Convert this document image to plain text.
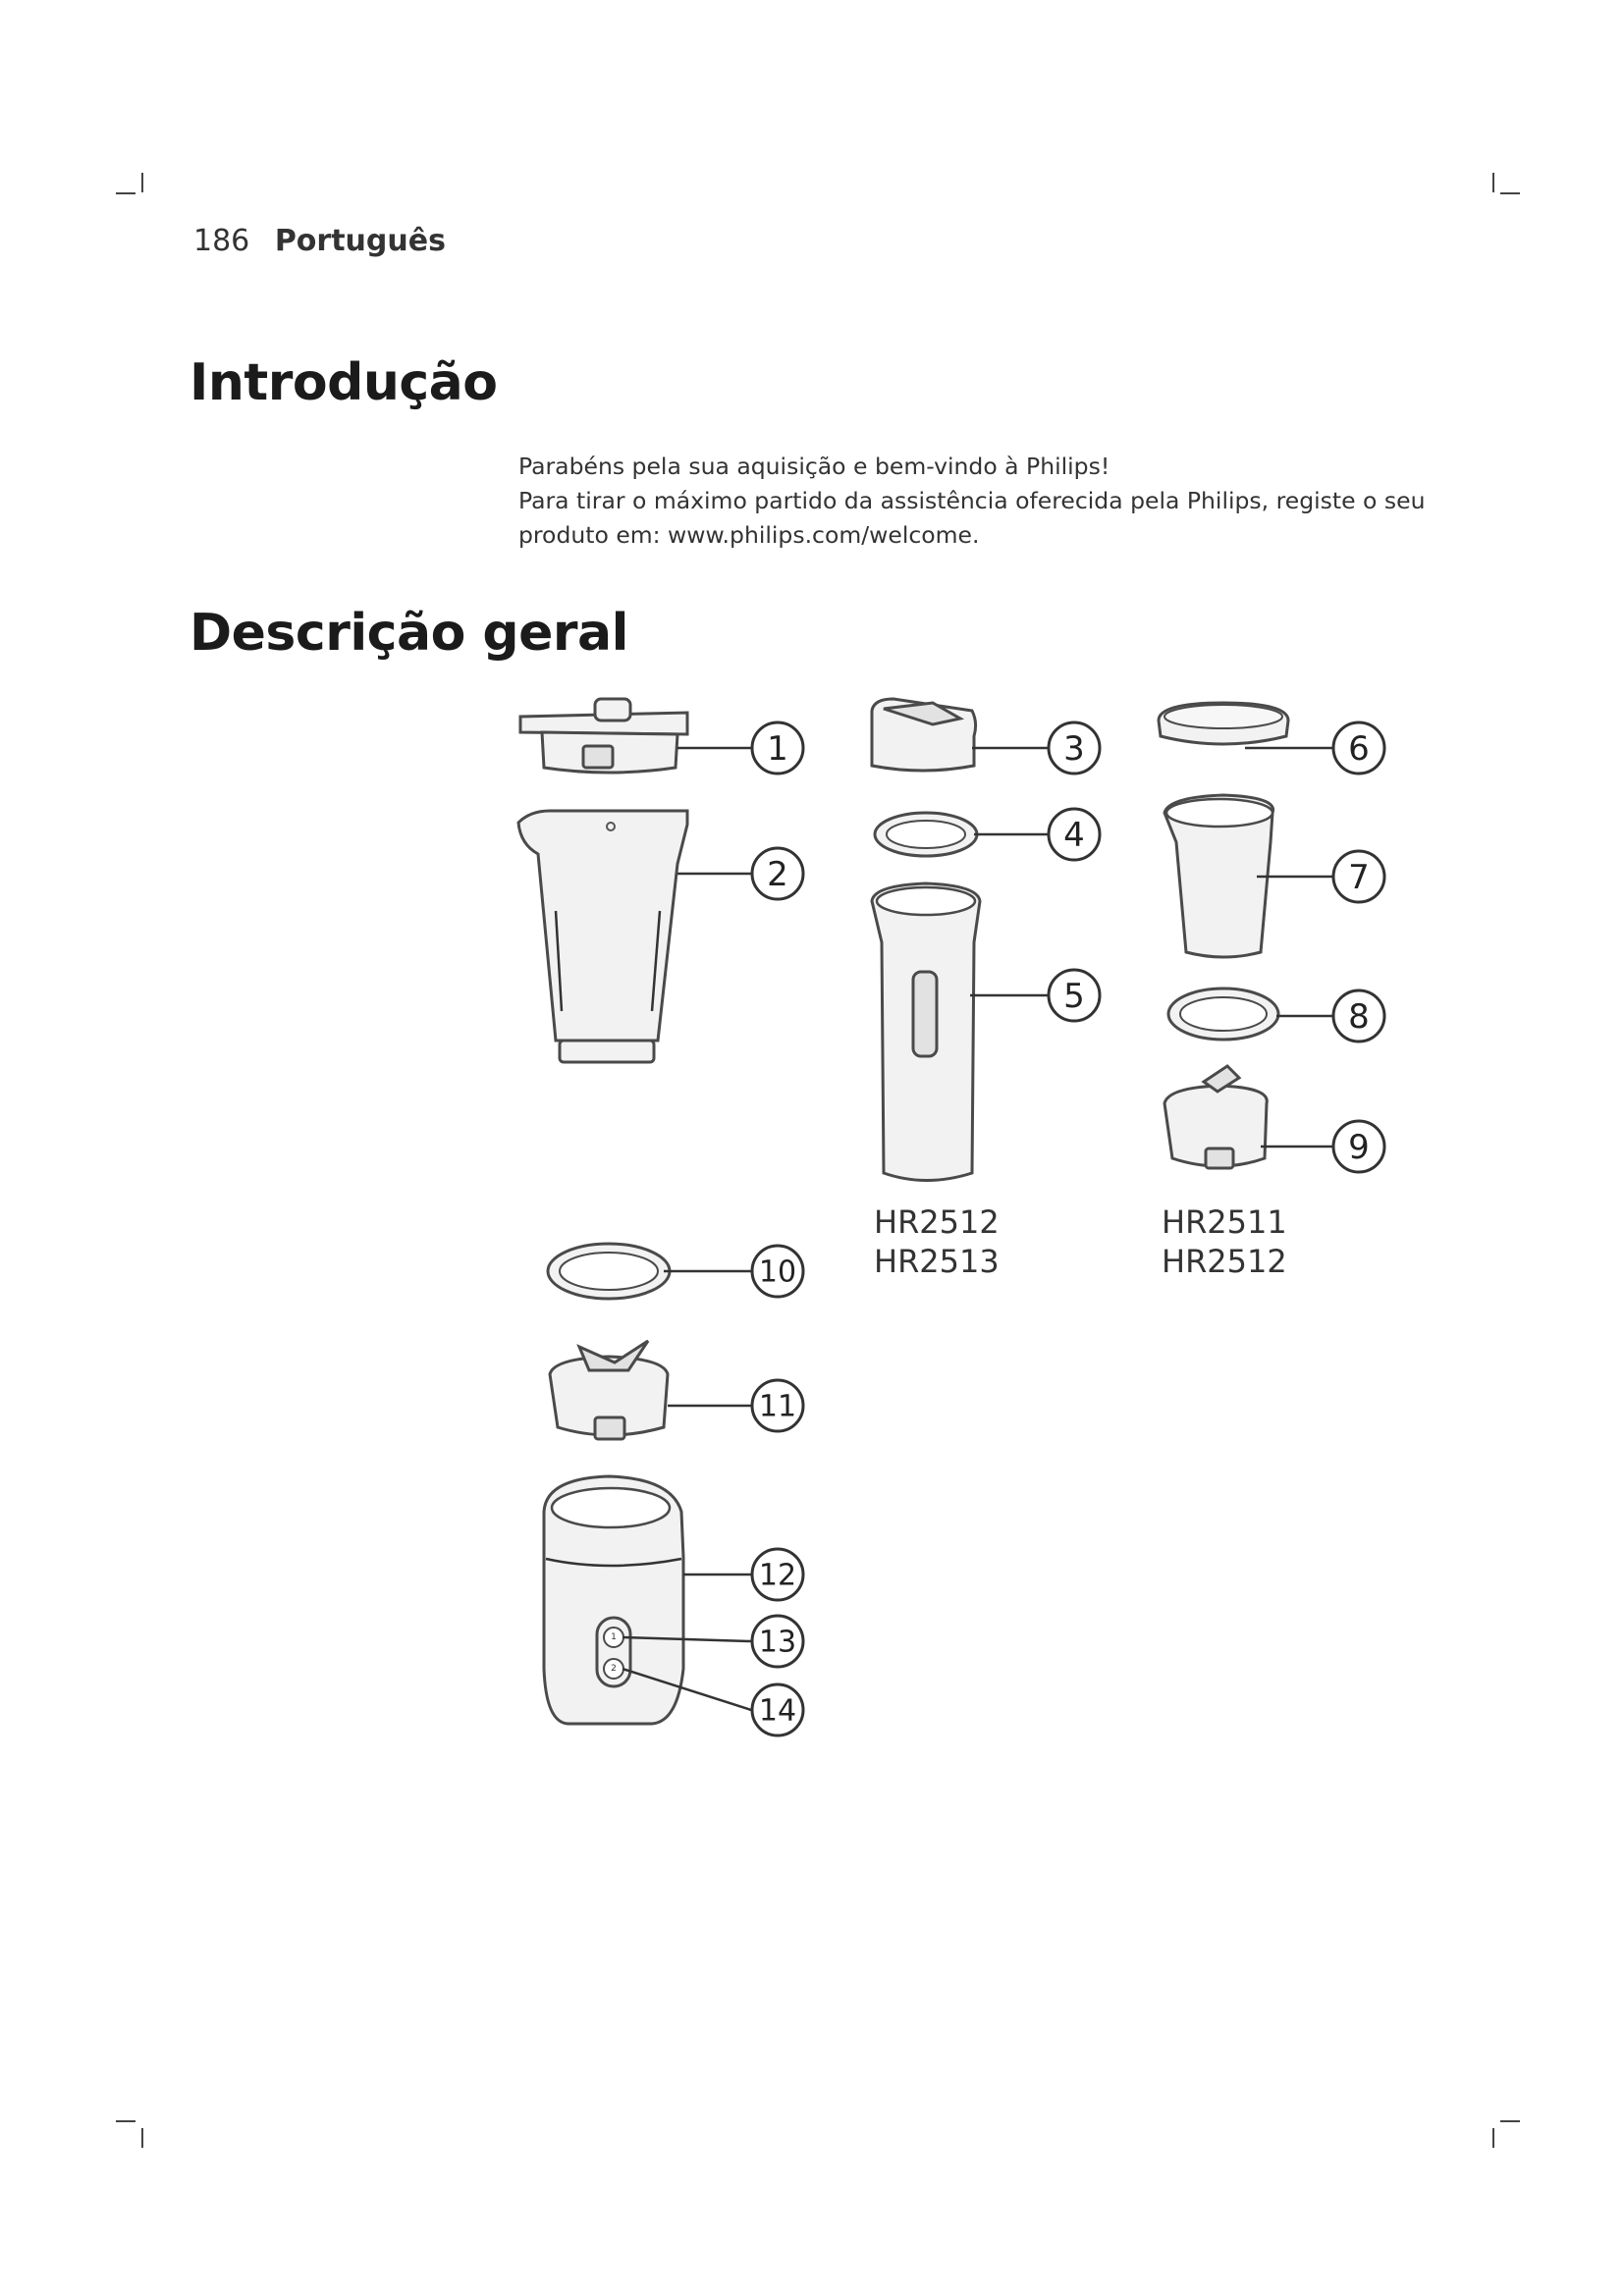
186 Português
Introdução

Parabéns pela sua aquisição e bem-vindo à Philips!

Para tirar o máximo partido da assistência oferecida pela Philips, registe o seu produto em: www.philips.com/welcome.

Descrição geral
1
2
1
2
3
4
5
6
7
8
9
10
11
12
13
14
HR2512
HR2513
HR2511
HR2512
